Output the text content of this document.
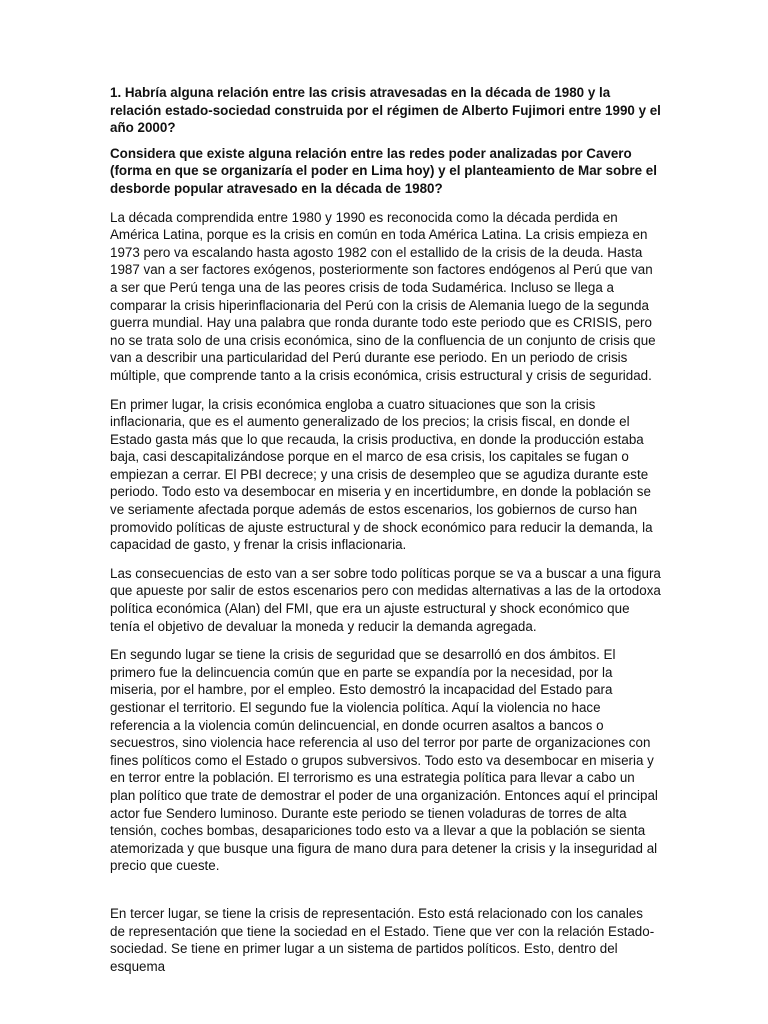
1. Habría alguna relación entre las crisis atravesadas en la década de 1980 y la relación estado-sociedad construida por el régimen de Alberto Fujimori entre 1990 y el año 2000?

Considera que existe alguna relación entre las redes poder analizadas por Cavero (forma en que se organizaría el poder en Lima hoy) y el planteamiento de Mar sobre el desborde popular atravesado en la década de 1980?

La década comprendida entre 1980 y 1990 es reconocida como la década perdida en América Latina, porque es la crisis en común en toda América Latina. La crisis empieza en 1973 pero va escalando hasta agosto 1982 con el estallido de la crisis de la deuda. Hasta 1987 van a ser factores exógenos, posteriormente son factores endógenos al Perú que van a ser que Perú tenga una de las peores crisis de toda Sudamérica. Incluso se llega a comparar la crisis hiperinflacionaria del Perú con la crisis de Alemania luego de la segunda guerra mundial. Hay una palabra que ronda durante todo este periodo que es CRISIS, pero no se trata solo de una crisis económica, sino de la confluencia de un conjunto de crisis que van a describir una particularidad del Perú durante ese periodo. En un periodo de crisis múltiple, que comprende tanto a la crisis económica, crisis estructural y crisis de seguridad.

En primer lugar, la crisis económica engloba a cuatro situaciones que son la crisis inflacionaria, que es el aumento generalizado de los precios; la crisis fiscal, en donde el Estado gasta más que lo que recauda, la crisis productiva, en donde la producción estaba baja, casi descapitalizándose porque en el marco de esa crisis, los capitales se fugan o empiezan a cerrar. El PBI decrece; y una crisis de desempleo que se agudiza durante este periodo. Todo esto va desembocar en miseria y en incertidumbre, en donde la población se ve seriamente afectada porque además de estos escenarios, los gobiernos de curso han promovido políticas de ajuste estructural y de shock económico para reducir la demanda, la capacidad de gasto, y frenar la crisis inflacionaria.

Las consecuencias de esto van a ser sobre todo políticas porque se va a buscar a una figura que apueste por salir de estos escenarios pero con medidas alternativas a las de la ortodoxa política económica (Alan) del FMI, que era un ajuste estructural y shock económico que tenía el objetivo de devaluar la moneda y reducir la demanda agregada.

En segundo lugar se tiene la crisis de seguridad que se desarrolló en dos ámbitos. El primero fue la delincuencia común que en parte se expandía por la necesidad, por la miseria, por el hambre, por el empleo. Esto demostró la incapacidad del Estado para gestionar el territorio. El segundo fue la violencia política. Aquí la violencia no hace referencia a la violencia común delincuencial, en donde ocurren asaltos a bancos o secuestros, sino violencia hace referencia al uso del terror por parte de organizaciones con fines políticos como el Estado o grupos subversivos. Todo esto va desembocar en miseria y en terror entre la población. El terrorismo es una estrategia política para llevar a cabo un plan político que trate de demostrar el poder de una organización. Entonces aquí el principal actor fue Sendero luminoso. Durante este periodo se tienen voladuras de torres de alta tensión, coches bombas, desapariciones todo esto va a llevar a que la población se sienta atemorizada y que busque una figura de mano dura para detener la crisis y la inseguridad al precio que cueste.

En tercer lugar, se tiene la crisis de representación. Esto está relacionado con los canales de representación que tiene la sociedad en el Estado. Tiene que ver con la relación Estado-sociedad. Se tiene en primer lugar a un sistema de partidos políticos. Esto, dentro del esquema
